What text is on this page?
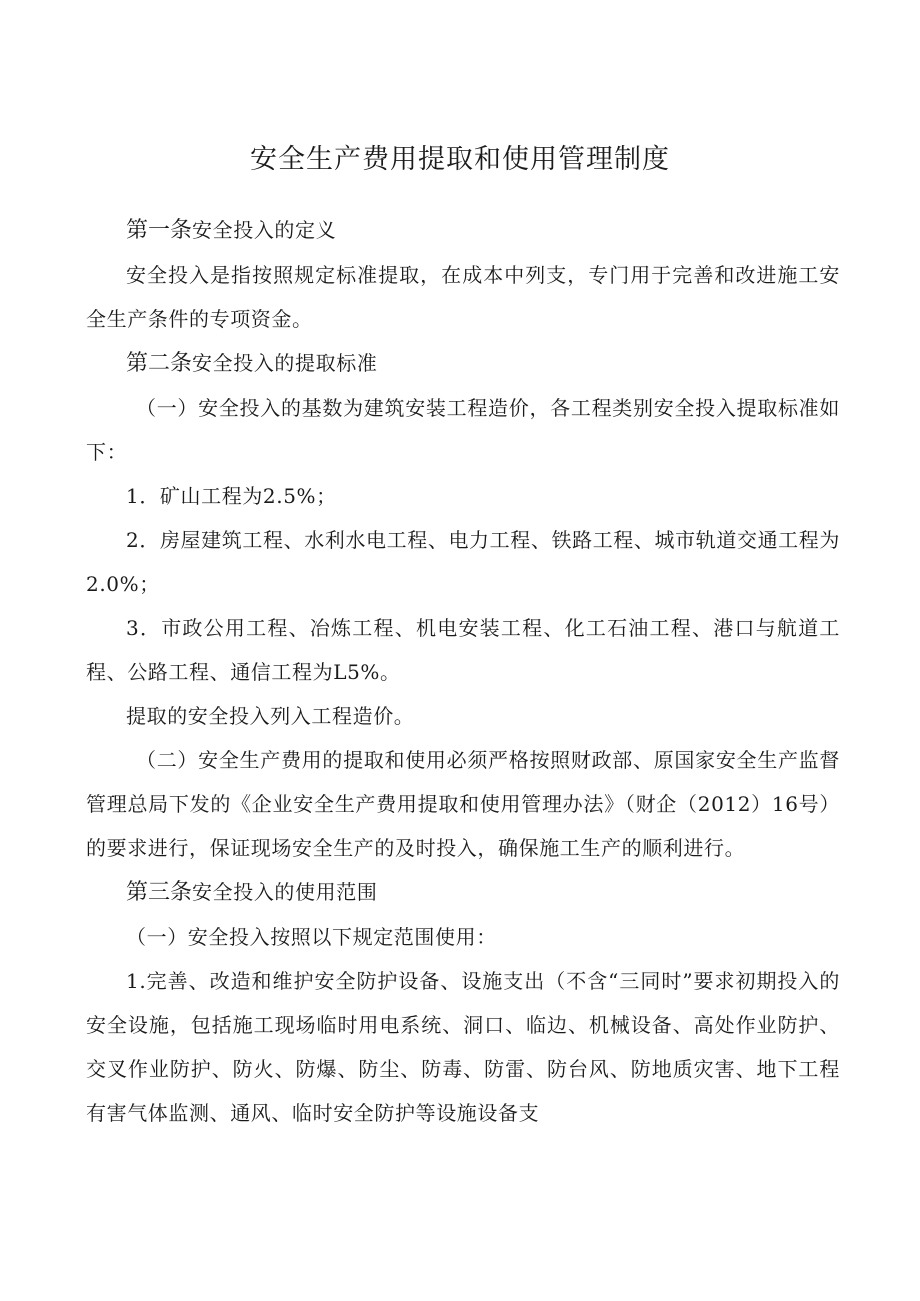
安全生产费用提取和使用管理制度

第一条安全投入的定义

安全投入是指按照规定标准提取，在成本中列支，专门用于完善和改进施工安全生产条件的专项资金。

第二条安全投入的提取标准

（一）安全投入的基数为建筑安装工程造价，各工程类别安全投入提取标准如下：

1．矿山工程为2.5%；

2．房屋建筑工程、水利水电工程、电力工程、铁路工程、城市轨道交通工程为2.0%；

3．市政公用工程、冶炼工程、机电安装工程、化工石油工程、港口与航道工程、公路工程、通信工程为L5%。

提取的安全投入列入工程造价。

（二）安全生产费用的提取和使用必须严格按照财政部、原国家安全生产监督管理总局下发的《企业安全生产费用提取和使用管理办法》（财企（2012）16号）的要求进行，保证现场安全生产的及时投入，确保施工生产的顺利进行。

第三条安全投入的使用范围

（一）安全投入按照以下规定范围使用：

1.完善、改造和维护安全防护设备、设施支出（不含“三同时”要求初期投入的安全设施，包括施工现场临时用电系统、洞口、临边、机械设备、高处作业防护、交叉作业防护、防火、防爆、防尘、防毒、防雷、防台风、防地质灾害、地下工程有害气体监测、通风、临时安全防护等设施设备支
